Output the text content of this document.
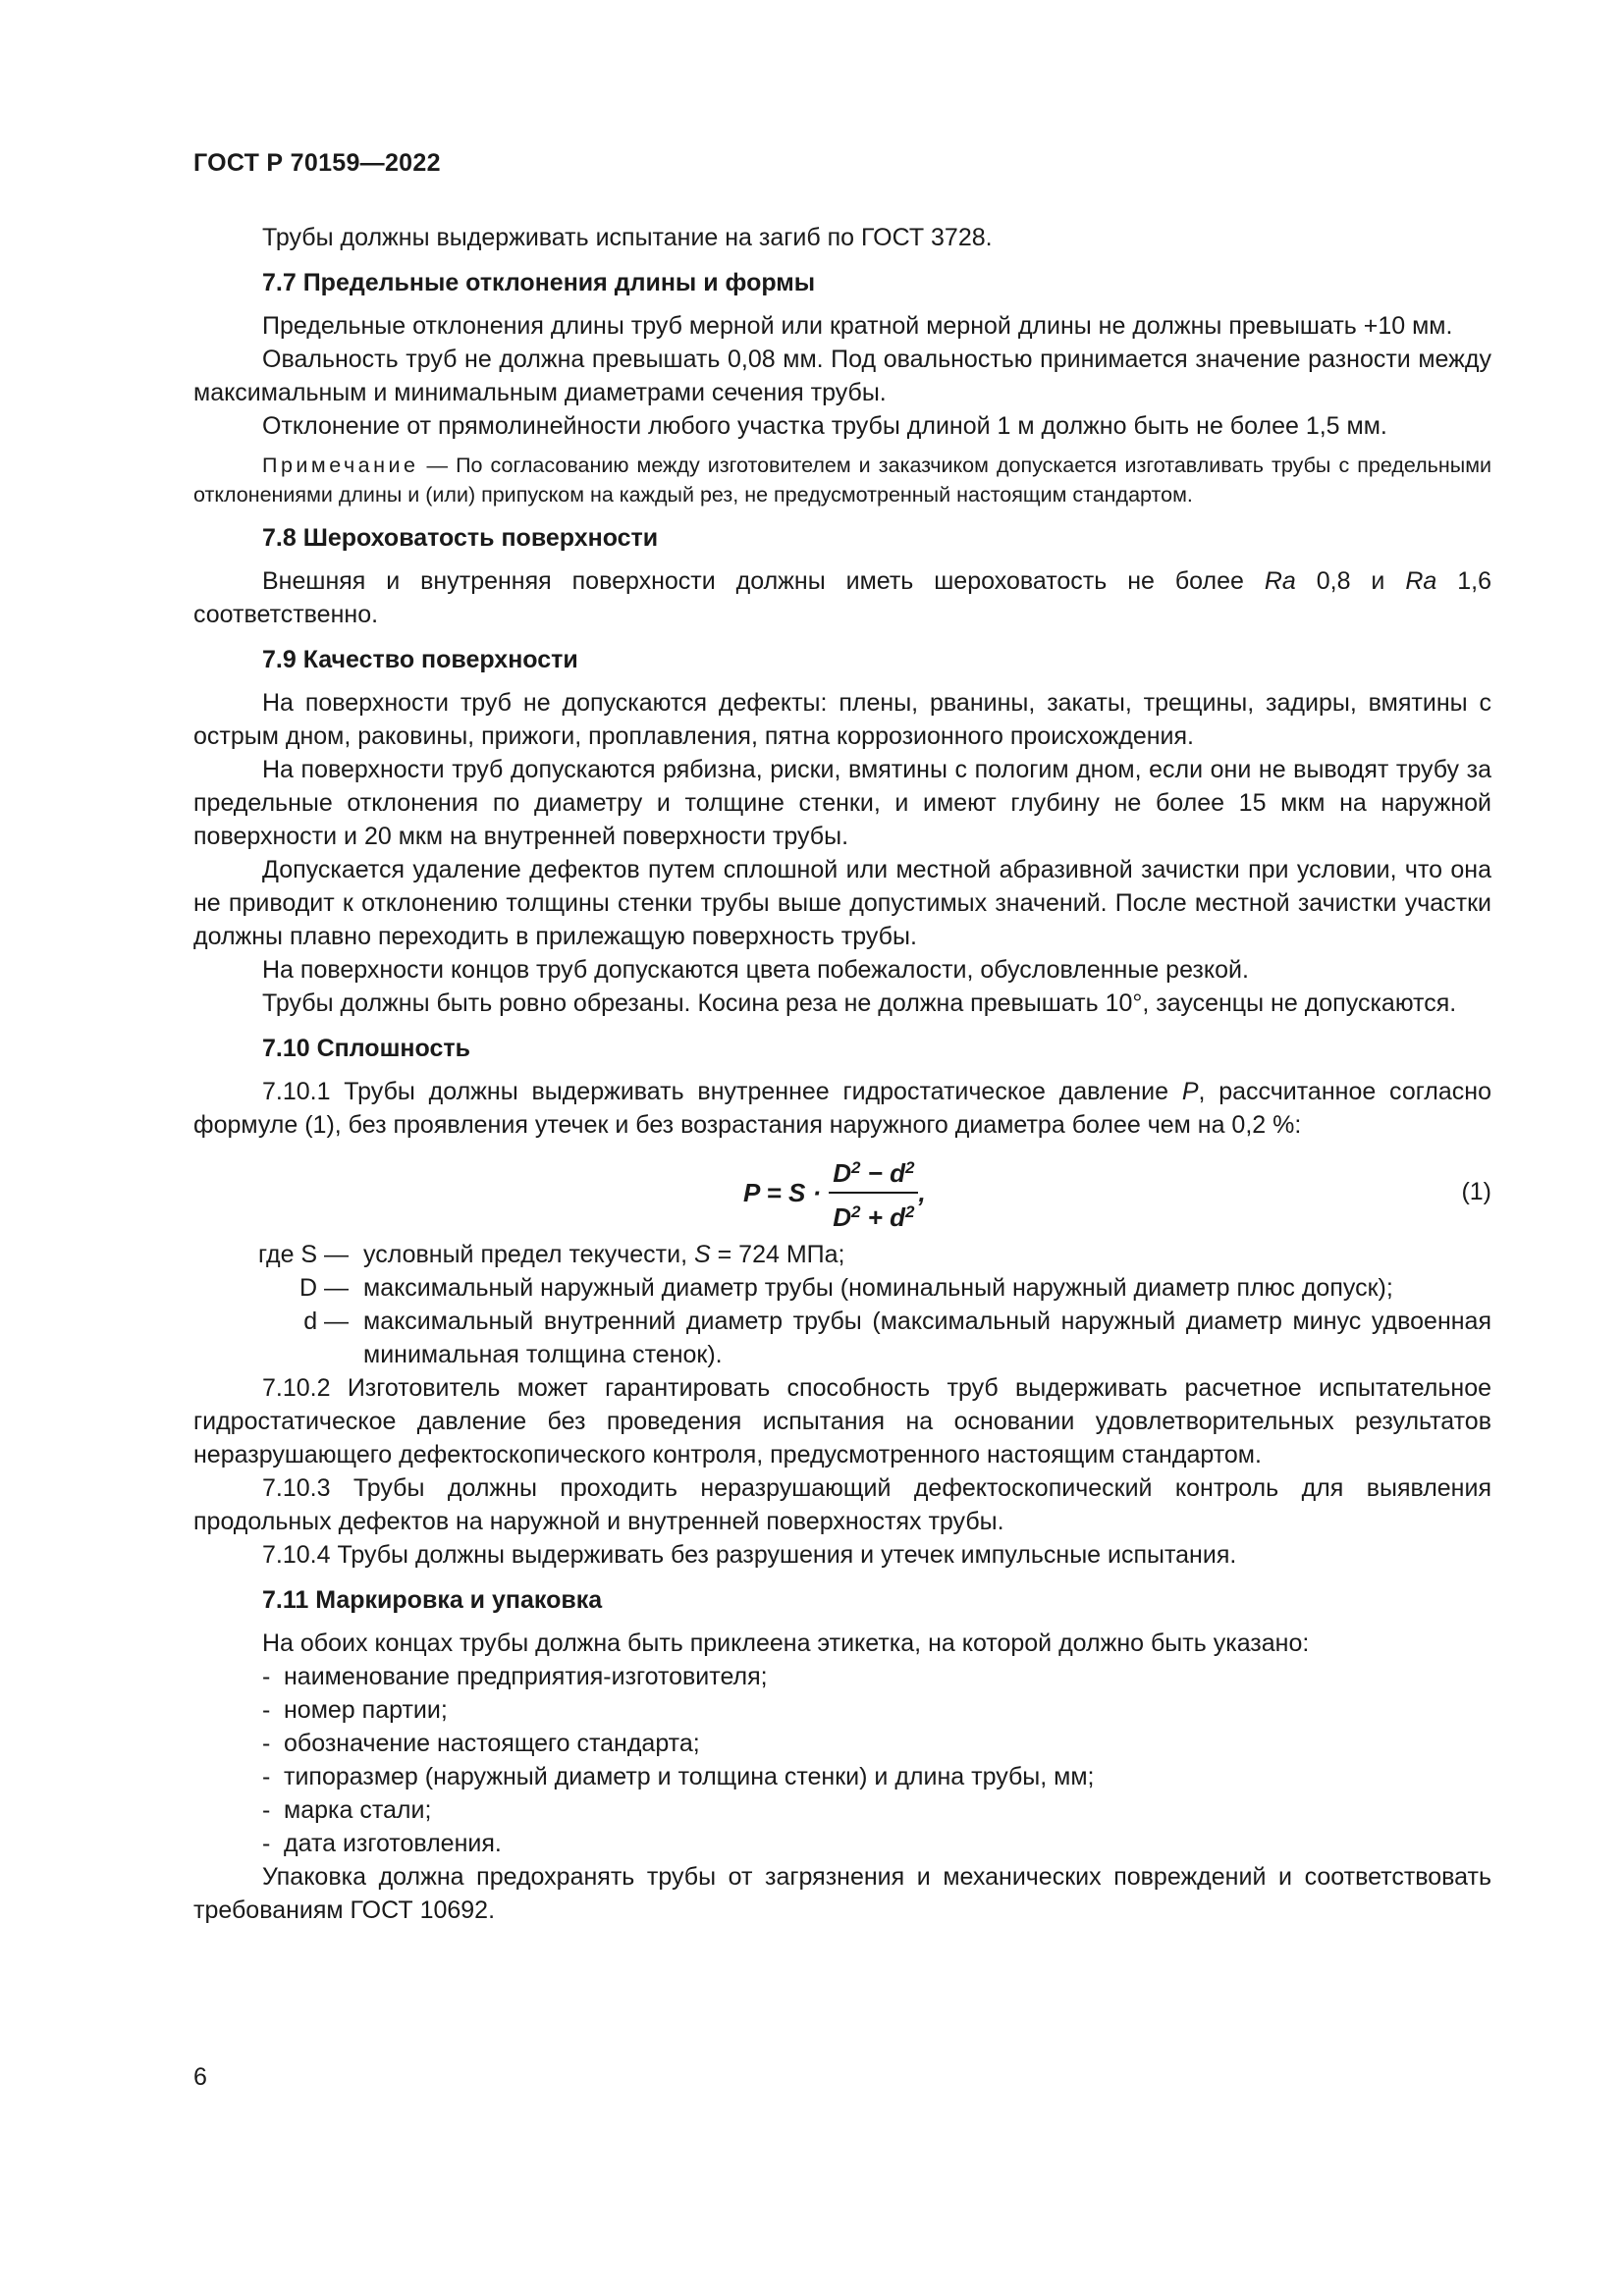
ГОСТ Р 70159—2022

Трубы должны выдерживать испытание на загиб по ГОСТ 3728.

7.7 Предельные отклонения длины и формы

Предельные отклонения длины труб мерной или кратной мерной длины не должны превышать +10 мм.

Овальность труб не должна превышать 0,08 мм. Под овальностью принимается значение разности между максимальным и минимальным диаметрами сечения трубы.

Отклонение от прямолинейности любого участка трубы длиной 1 м должно быть не более 1,5 мм.

Примечание — По согласованию между изготовителем и заказчиком допускается изготавливать трубы с предельными отклонениями длины и (или) припуском на каждый рез, не предусмотренный настоящим стандартом.

7.8 Шероховатость поверхности

Внешняя и внутренняя поверхности должны иметь шероховатость не более Ra 0,8 и Ra 1,6 соответственно.

7.9 Качество поверхности

На поверхности труб не допускаются дефекты: плены, рванины, закаты, трещины, задиры, вмятины с острым дном, раковины, прижоги, проплавления, пятна коррозионного происхождения.

На поверхности труб допускаются рябизна, риски, вмятины с пологим дном, если они не выводят трубу за предельные отклонения по диаметру и толщине стенки, и имеют глубину не более 15 мкм на наружной поверхности и 20 мкм на внутренней поверхности трубы.

Допускается удаление дефектов путем сплошной или местной абразивной зачистки при условии, что она не приводит к отклонению толщины стенки трубы выше допустимых значений. После местной зачистки участки должны плавно переходить в прилежащую поверхность трубы.

На поверхности концов труб допускаются цвета побежалости, обусловленные резкой.

Трубы должны быть ровно обрезаны. Косина реза не должна превышать 10°, заусенцы не допускаются.

7.10 Сплошность

7.10.1 Трубы должны выдерживать внутреннее гидростатическое давление P, рассчитанное согласно формуле (1), без проявления утечек и без возрастания наружного диаметра более чем на 0,2 %:

$P = S \cdot \frac{D^2 - d^2}{D^2 + d^2}$ ,	(1)
где S — условный предел текучести, S = 724 МПа;
D — максимальный наружный диаметр трубы (номинальный наружный диаметр плюс допуск);
d — максимальный внутренний диаметр трубы (максимальный наружный диаметр минус удвоенная минимальная толщина стенок).

7.10.2 Изготовитель может гарантировать способность труб выдерживать расчетное испытательное гидростатическое давление без проведения испытания на основании удовлетворительных результатов неразрушающего дефектоскопического контроля, предусмотренного настоящим стандартом.

7.10.3 Трубы должны проходить неразрушающий дефектоскопический контроль для выявления продольных дефектов на наружной и внутренней поверхностях трубы.

7.10.4 Трубы должны выдерживать без разрушения и утечек импульсные испытания.

7.11 Маркировка и упаковка

На обоих концах трубы должна быть приклеена этикетка, на которой должно быть указано:

- наименование предприятия-изготовителя;
- номер партии;
- обозначение настоящего стандарта;
- типоразмер (наружный диаметр и толщина стенки) и длина трубы, мм;
- марка стали;
- дата изготовления.

Упаковка должна предохранять трубы от загрязнения и механических повреждений и соответствовать требованиям ГОСТ 10692.

6
